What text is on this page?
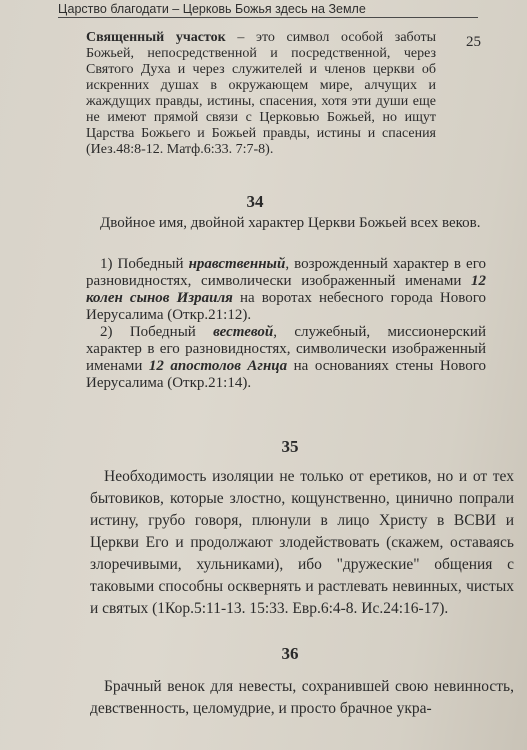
Царство благодати – Церковь Божья здесь на Земле
25
Священный участок – это символ особой заботы Божьей, непосредственной и посредственной, через Святого Духа и через служителей и членов церкви об искренних душах в окружающем мире, алчущих и жаждущих правды, истины, спасения, хотя эти души еще не имеют прямой связи с Церковью Божьей, но ищут Царства Божьего и Божьей правды, истины и спасения (Иез.48:8-12. Матф.6:33. 7:7-8).
34

Двойное имя, двойной характер Церкви Божьей всех веков.

1) Победный нравственный, возрожденный характер в его разновидностях, символически изображенный именами 12 колен сынов Израиля на воротах небесного города Нового Иерусалима (Откр.21:12).

2) Победный вестевой, служебный, миссионерский характер в его разновидностях, символически изображенный именами 12 апостолов Агнца на основаниях стены Нового Иерусалима (Откр.21:14).

35

Необходимость изоляции не только от еретиков, но и от тех бытовиков, которые злостно, кощунственно, цинично попрали истину, грубо говоря, плюнули в лицо Христу в ВСВИ и Церкви Его и продолжают злодействовать (скажем, оставаясь злоречивыми, хульниками), ибо "дружеские" общения с таковыми способны осквернять и растлевать невинных, чистых и святых (1Кор.5:11-13. 15:33. Евр.6:4-8. Ис.24:16-17).

36

Брачный венок для невесты, сохранившей свою невинность, девственность, целомудрие, и просто брачное укра-
